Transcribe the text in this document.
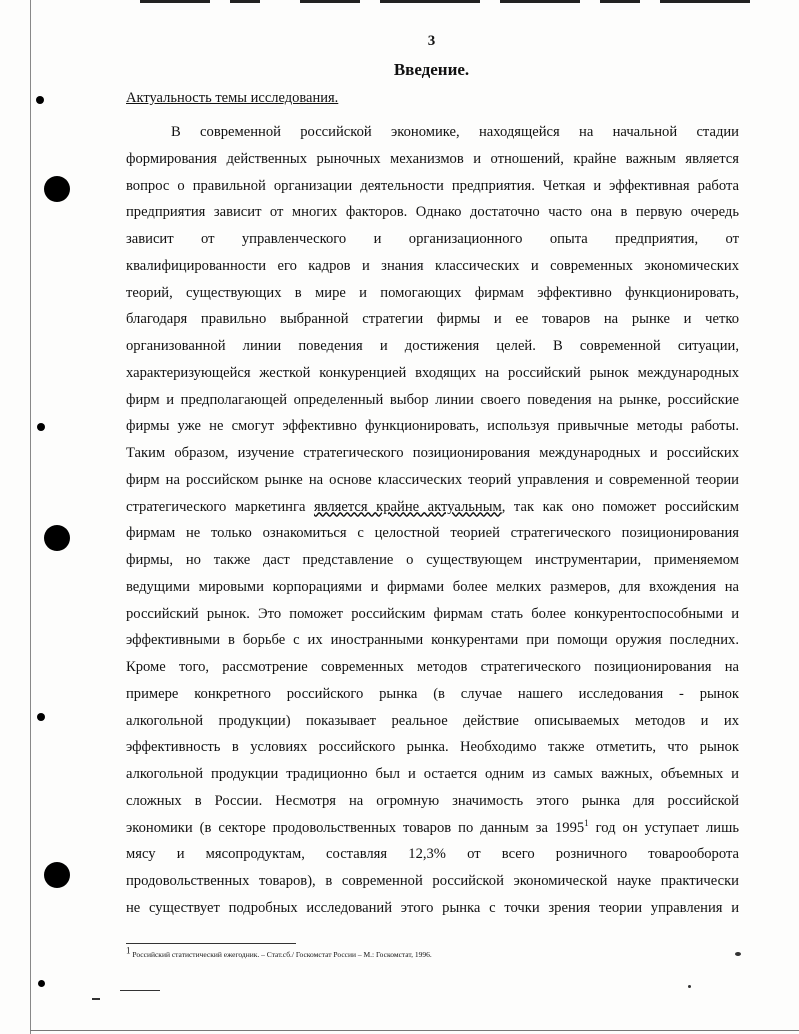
3
Введение.
Актуальность темы исследования.
В современной российской экономике, находящейся на начальной стадии
формирования действенных рыночных механизмов и отношений, крайне важным является
вопрос о правильной организации деятельности предприятия. Четкая и эффективная работа
предприятия зависит от многих факторов. Однако достаточно часто она в первую очередь
зависит от управленческого и организационного опыта предприятия, от
квалифицированности его кадров и знания классических и современных экономических
теорий, существующих в мире и помогающих фирмам эффективно функционировать,
благодаря правильно выбранной стратегии фирмы и ее товаров на рынке и четко
организованной линии поведения и достижения целей. В современной ситуации,
характеризующейся жесткой конкуренцией входящих на российский рынок международных
фирм и предполагающей определенный выбор линии своего поведения на рынке, российские
фирмы уже не смогут эффективно функционировать, используя привычные методы работы.
Таким образом, изучение стратегического позиционирования международных и российских
фирм на российском рынке на основе классических теорий управления и современной теории
стратегического маркетинга является крайне актуальным, так как оно поможет российским
фирмам не только ознакомиться с целостной теорией стратегического позиционирования
фирмы, но также даст представление о существующем инструментарии, применяемом
ведущими мировыми корпорациями и фирмами более мелких размеров, для вхождения на
российский рынок. Это поможет российским фирмам стать более конкурентоспособными и
эффективными в борьбе с их иностранными конкурентами при помощи оружия последних.
Кроме того, рассмотрение современных методов стратегического позиционирования на
примере конкретного российского рынка (в случае нашего исследования - рынок
алкогольной продукции) показывает реальное действие описываемых методов и их
эффективность в условиях российского рынка. Необходимо также отметить, что рынок
алкогольной продукции традиционно был и остается одним из самых важных, объемных и
сложных в России. Несмотря на огромную значимость этого рынка для российской
экономики (в секторе продовольственных товаров по данным за 1995$^1$ год он уступает лишь
мясу и мясопродуктам, составляя 12,3% от всего розничного товарооборота
продовольственных товаров), в современной российской экономической науке практически
не существует подробных исследований этого рынка с точки зрения теории управления и
$^1$ Российский статистический ежегодник. – Стат.сб./ Госкомстат России – М.: Госкомстат, 1996.
